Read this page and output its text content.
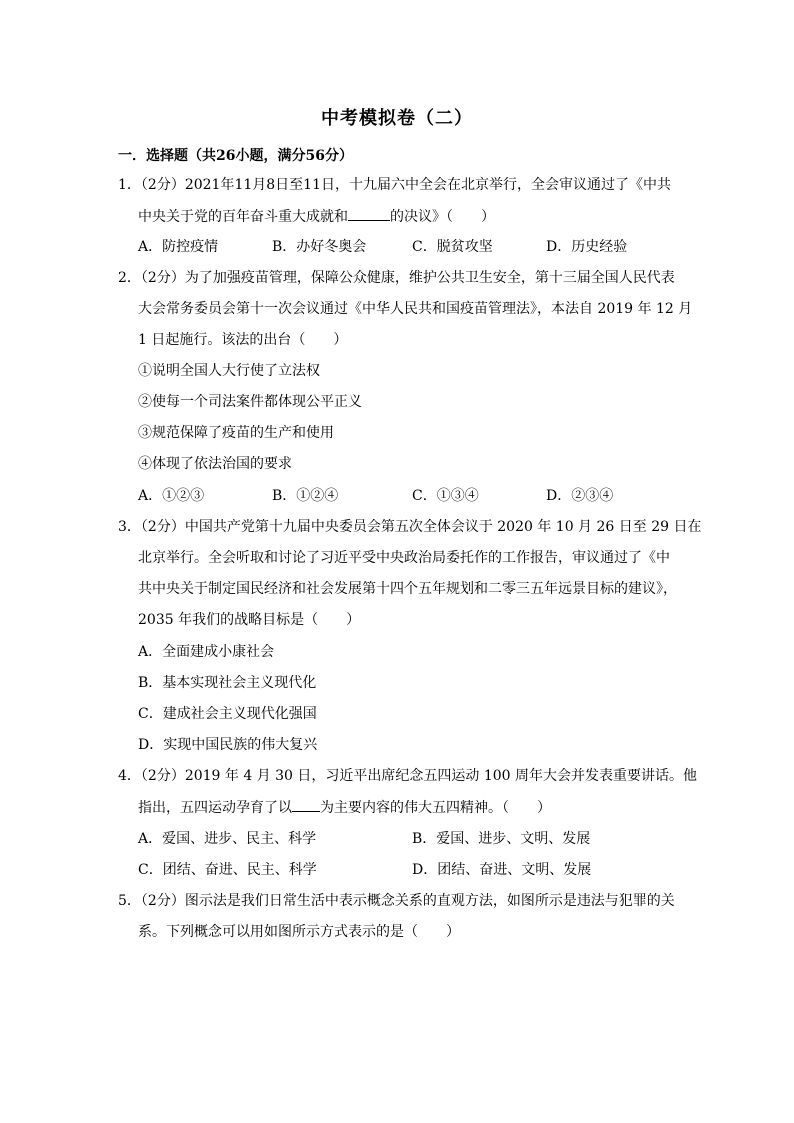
中考模拟卷（二）
一．选择题（共26小题，满分56分）
1．（2分）2021年11月8日至11日，十九届六中全会在北京举行，全会审议通过了《中共
中央关于党的百年奋斗重大成就和	的决议》（　　）
A．防控疫情	B．办好冬奥会	C．脱贫攻坚	D．历史经验
2．（2分）为了加强疫苗管理，保障公众健康，维护公共卫生安全，第十三届全国人民代表
大会常务委员会第十一次会议通过《中华人民共和国疫苗管理法》，本法自 2019 年 12 月
1 日起施行。该法的出台（　　）
①说明全国人大行使了立法权
②使每一个司法案件都体现公平正义
③规范保障了疫苗的生产和使用
④体现了依法治国的要求
A．①②③	B．①②④	C．①③④	D．②③④
3．（2分）中国共产党第十九届中央委员会第五次全体会议于 2020 年 10 月 26 日至 29 日在
北京举行。全会听取和讨论了习近平受中央政治局委托作的工作报告，审议通过了《中
共中央关于制定国民经济和社会发展第十四个五年规划和二零三五年远景目标的建议》，
2035 年我们的战略目标是（　　）
A．全面建成小康社会
B．基本实现社会主义现代化
C．建成社会主义现代化强国
D．实现中国民族的伟大复兴
4．（2分）2019 年 4 月 30 日，习近平出席纪念五四运动 100 周年大会并发表重要讲话。他
指出，五四运动孕育了以 为主要内容的伟大五四精神。（　　）
A．爱国、进步、民主、科学	B．爱国、进步、文明、发展
C．团结、奋进、民主、科学	D．团结、奋进、文明、发展
5．（2分）图示法是我们日常生活中表示概念关系的直观方法，如图所示是违法与犯罪的关
系。下列概念可以用如图所示方式表示的是（　　）
